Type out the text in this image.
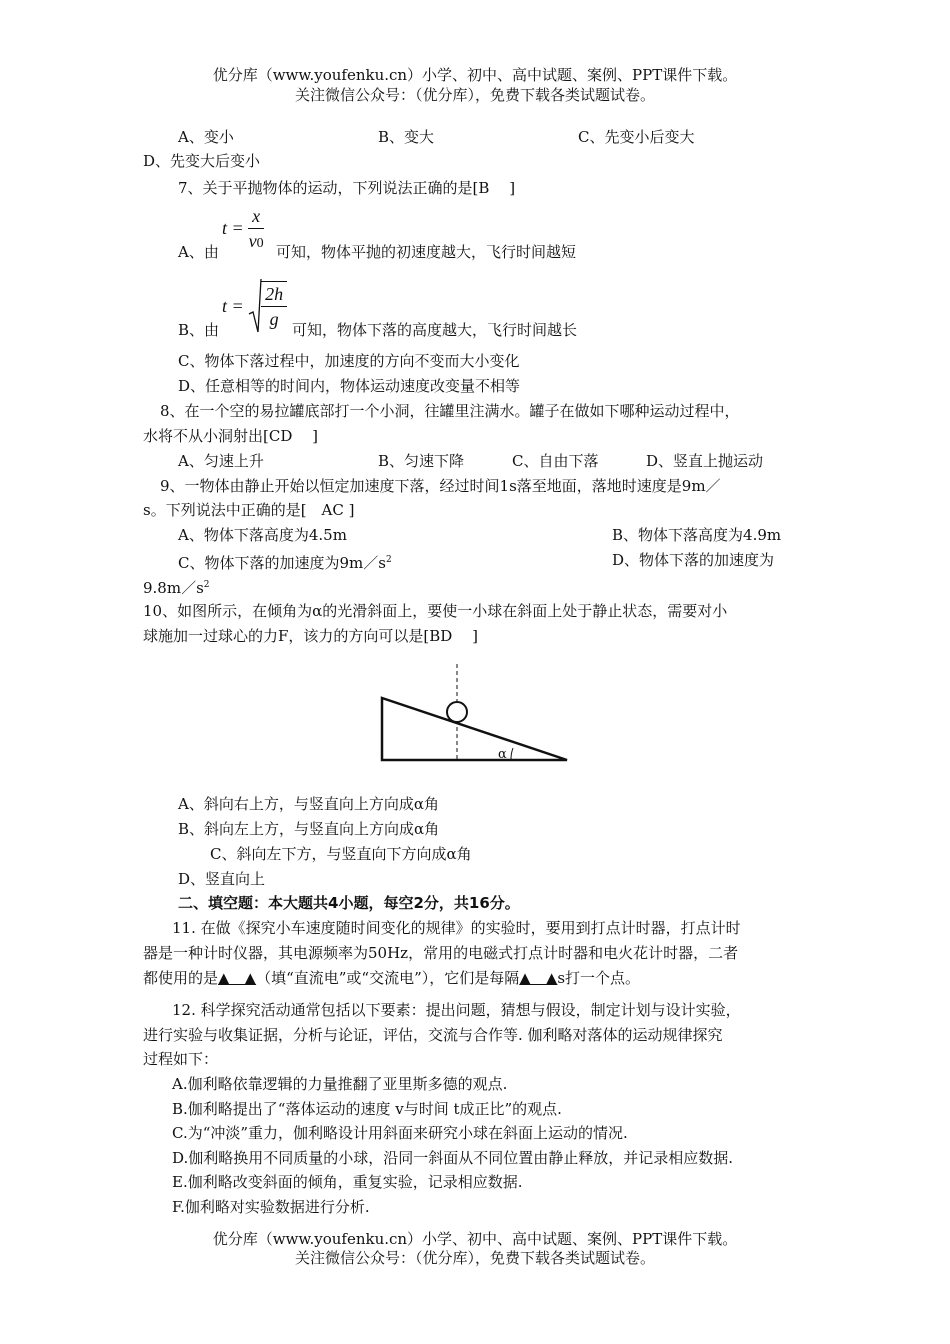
优分库（www.youfenku.cn）小学、初中、高中试题、案例、PPT课件下载。
关注微信公众号：（优分库），免费下载各类试题试卷。
A、变小	B、变大	C、先变小后变大
D、先变大后变小
7、关于平抛物体的运动，下列说法正确的是[B　 ]
$t = \frac{x}{v0}$
A、由	可知，物体平抛的初速度越大，飞行时间越短
$t = \frac{2h}{g}$
B、由	可知，物体下落的高度越大，飞行时间越长
C、物体下落过程中，加速度的方向不变而大小变化
D、任意相等的时间内，物体运动速度改变量不相等
8、在一个空的易拉罐底部打一个小洞，往罐里注满水。罐子在做如下哪种运动过程中，
水将不从小洞射出[CD　 ]
A、匀速上升	B、匀速下降	C、自由下落	D、竖直上抛运动
9、一物体由静止开始以恒定加速度下落，经过时间1s落至地面，落地时速度是9m／
s。下列说法中正确的是[　AC ]
A、物体下落高度为4.5m	B、物体下落高度为4.9m
C、物体下落的加速度为$9m/s^2$	D、物体下落的加速度为
$9.8m/s^2$
10、如图所示，在倾角为α的光滑斜面上，要使一小球在斜面上处于静止状态，需要对小
球施加一过球心的力F，该力的方向可以是[BD　 ]
α
A、斜向右上方，与竖直向上方向成α角
B、斜向左上方，与竖直向上方向成α角
C、斜向左下方，与竖直向下方向成α角
D、竖直向上
二、填空题：本大题共4小题，每空2分，共16分。
11. 在做《探究小车速度随时间变化的规律》的实验时，要用到打点计时器，打点计时
器是一种计时仪器，其电源频率为50Hz，常用的电磁式打点计时器和电火花计时器，二者
都使用的是▲　▲（填“直流电”或“交流电”），它们是每隔▲　▲s打一个点。
12. 科学探究活动通常包括以下要素：提出问题，猜想与假设，制定计划与设计实验，
进行实验与收集证据，分析与论证，评估，交流与合作等. 伽利略对落体的运动规律探究
过程如下：
A.伽利略依靠逻辑的力量推翻了亚里斯多德的观点.
B.伽利略提出了“落体运动的速度 v与时间 t成正比”的观点.
C.为“冲淡”重力，伽利略设计用斜面来研究小球在斜面上运动的情况.
D.伽利略换用不同质量的小球，沿同一斜面从不同位置由静止释放，并记录相应数据.
E.伽利略改变斜面的倾角，重复实验，记录相应数据.
F.伽利略对实验数据进行分析.
优分库（www.youfenku.cn）小学、初中、高中试题、案例、PPT课件下载。
关注微信公众号：（优分库），免费下载各类试题试卷。
